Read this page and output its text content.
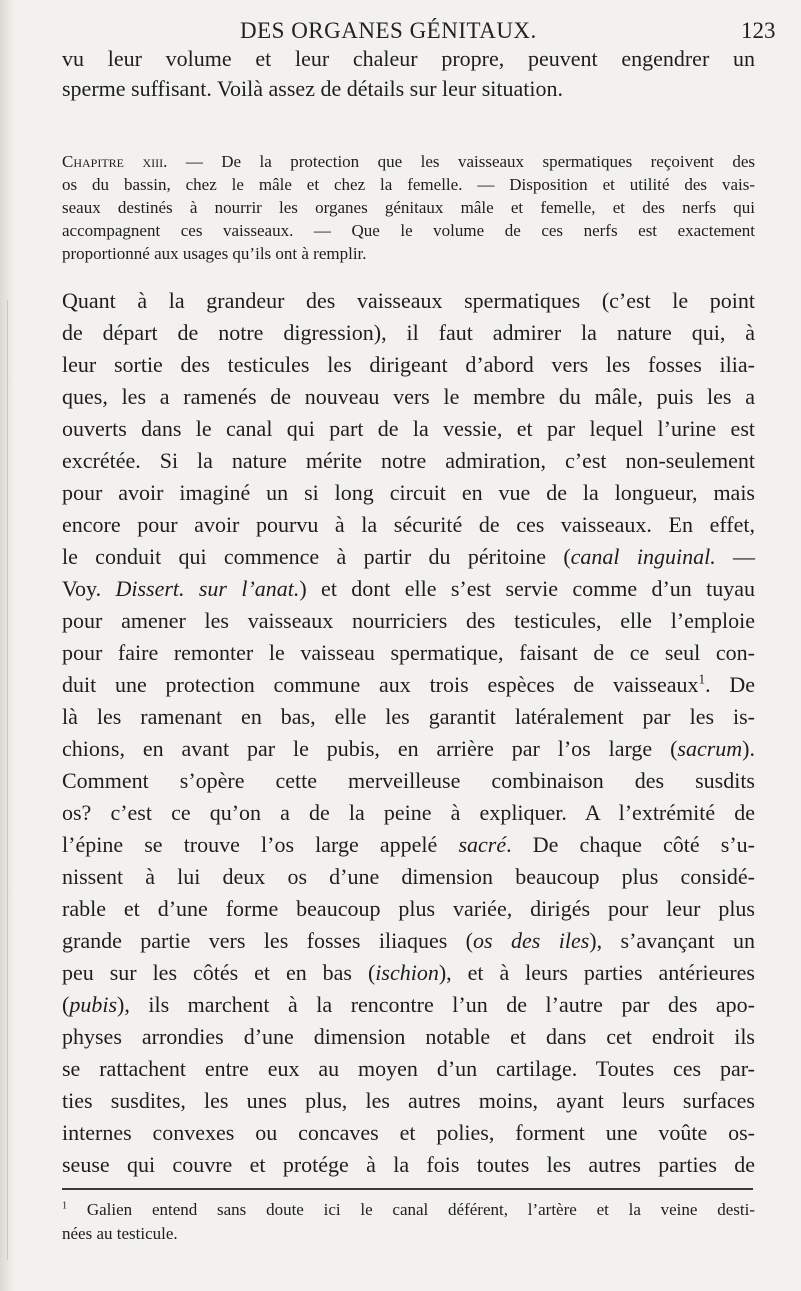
DES ORGANES GÉNITAUX.	123
vu leur volume et leur chaleur propre, peuvent engendrer un
sperme suffisant. Voilà assez de détails sur leur situation.
Chapitre xiii. — De la protection que les vaisseaux spermatiques reçoivent des
os du bassin, chez le mâle et chez la femelle. — Disposition et utilité des vais-
seaux destinés à nourrir les organes génitaux mâle et femelle, et des nerfs qui
accompagnent ces vaisseaux. — Que le volume de ces nerfs est exactement
proportionné aux usages qu’ils ont à remplir.
Quant à la grandeur des vaisseaux spermatiques (c’est le point
de départ de notre digression), il faut admirer la nature qui, à
leur sortie des testicules les dirigeant d’abord vers les fosses ilia-
ques, les a ramenés de nouveau vers le membre du mâle, puis les a
ouverts dans le canal qui part de la vessie, et par lequel l’urine est
excrétée. Si la nature mérite notre admiration, c’est non-seulement
pour avoir imaginé un si long circuit en vue de la longueur, mais
encore pour avoir pourvu à la sécurité de ces vaisseaux. En effet,
le conduit qui commence à partir du péritoine (canal inguinal. —
Voy. Dissert. sur l’anat.) et dont elle s’est servie comme d’un tuyau
pour amener les vaisseaux nourriciers des testicules, elle l’emploie
pour faire remonter le vaisseau spermatique, faisant de ce seul con-
duit une protection commune aux trois espèces de vaisseaux$^1$. De
là les ramenant en bas, elle les garantit latéralement par les is-
chions, en avant par le pubis, en arrière par l’os large (sacrum).
Comment s’opère cette merveilleuse combinaison des susdits
os? c’est ce qu’on a de la peine à expliquer. A l’extrémité de
l’épine se trouve l’os large appelé sacré. De chaque côté s’u-
nissent à lui deux os d’une dimension beaucoup plus considé-
rable et d’une forme beaucoup plus variée, dirigés pour leur plus
grande partie vers les fosses iliaques (os des iles), s’avançant un
peu sur les côtés et en bas (ischion), et à leurs parties antérieures
(pubis), ils marchent à la rencontre l’un de l’autre par des apo-
physes arrondies d’une dimension notable et dans cet endroit ils
se rattachent entre eux au moyen d’un cartilage. Toutes ces par-
ties susdites, les unes plus, les autres moins, ayant leurs surfaces
internes convexes ou concaves et polies, forment une voûte os-
seuse qui couvre et protége à la fois toutes les autres parties de
$^1$ Galien entend sans doute ici le canal déférent, l’artère et la veine desti-
nées au testicule.
